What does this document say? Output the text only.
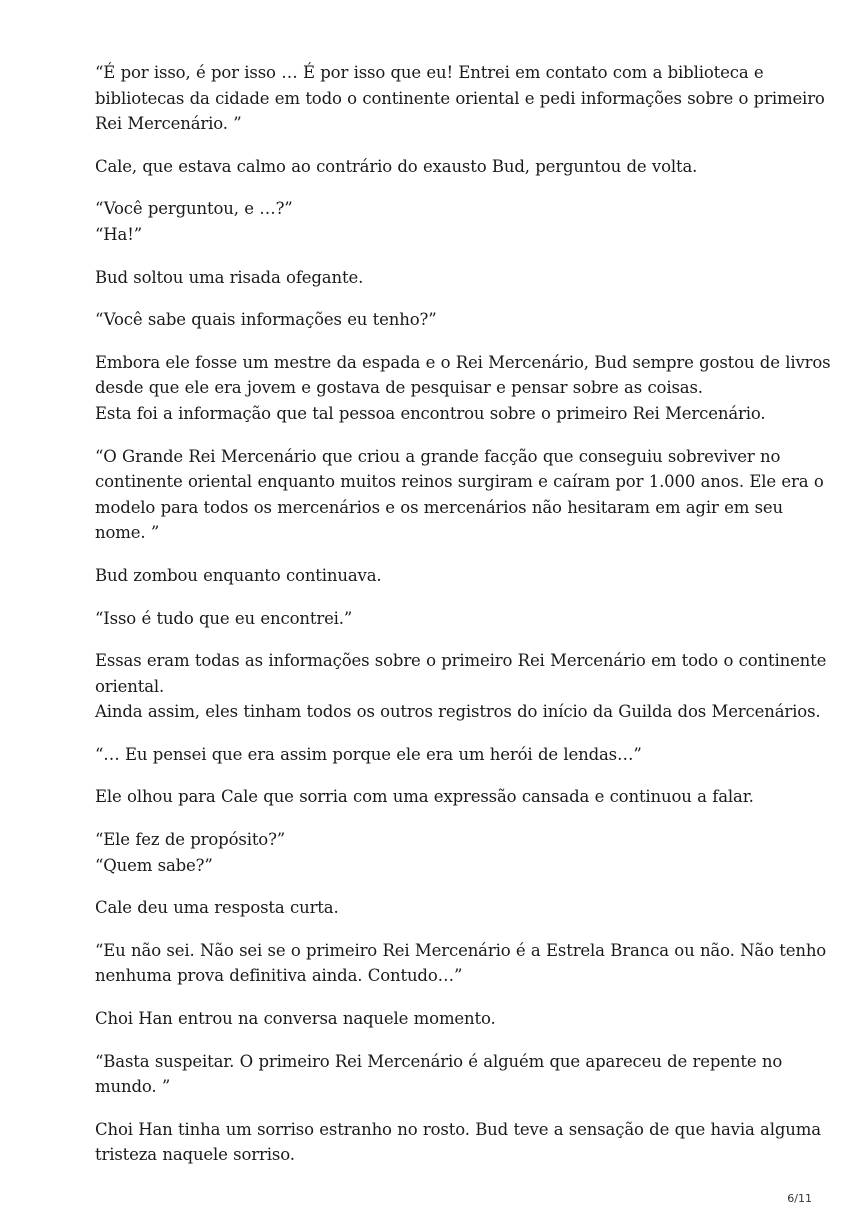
“É por isso, é por isso … É por isso que eu! Entrei em contato com a biblioteca e
bibliotecas da cidade em todo o continente oriental e pedi informações sobre o primeiro
Rei Mercenário. ”

Cale, que estava calmo ao contrário do exausto Bud, perguntou de volta.

“Você perguntou, e …?”
“Ha!”

Bud soltou uma risada ofegante.

“Você sabe quais informações eu tenho?”

Embora ele fosse um mestre da espada e o Rei Mercenário, Bud sempre gostou de livros
desde que ele era jovem e gostava de pesquisar e pensar sobre as coisas.
Esta foi a informação que tal pessoa encontrou sobre o primeiro Rei Mercenário.

“O Grande Rei Mercenário que criou a grande facção que conseguiu sobreviver no
continente oriental enquanto muitos reinos surgiram e caíram por 1.000 anos. Ele era o
modelo para todos os mercenários e os mercenários não hesitaram em agir em seu
nome. ”

Bud zombou enquanto continuava.

“Isso é tudo que eu encontrei.”

Essas eram todas as informações sobre o primeiro Rei Mercenário em todo o continente
oriental.
Ainda assim, eles tinham todos os outros registros do início da Guilda dos Mercenários.

“… Eu pensei que era assim porque ele era um herói de lendas…”

Ele olhou para Cale que sorria com uma expressão cansada e continuou a falar.

“Ele fez de propósito?”
“Quem sabe?”

Cale deu uma resposta curta.

“Eu não sei. Não sei se o primeiro Rei Mercenário é a Estrela Branca ou não. Não tenho
nenhuma prova definitiva ainda. Contudo…”

Choi Han entrou na conversa naquele momento.

“Basta suspeitar. O primeiro Rei Mercenário é alguém que apareceu de repente no
mundo. ”

Choi Han tinha um sorriso estranho no rosto. Bud teve a sensação de que havia alguma
tristeza naquele sorriso.

6/11
